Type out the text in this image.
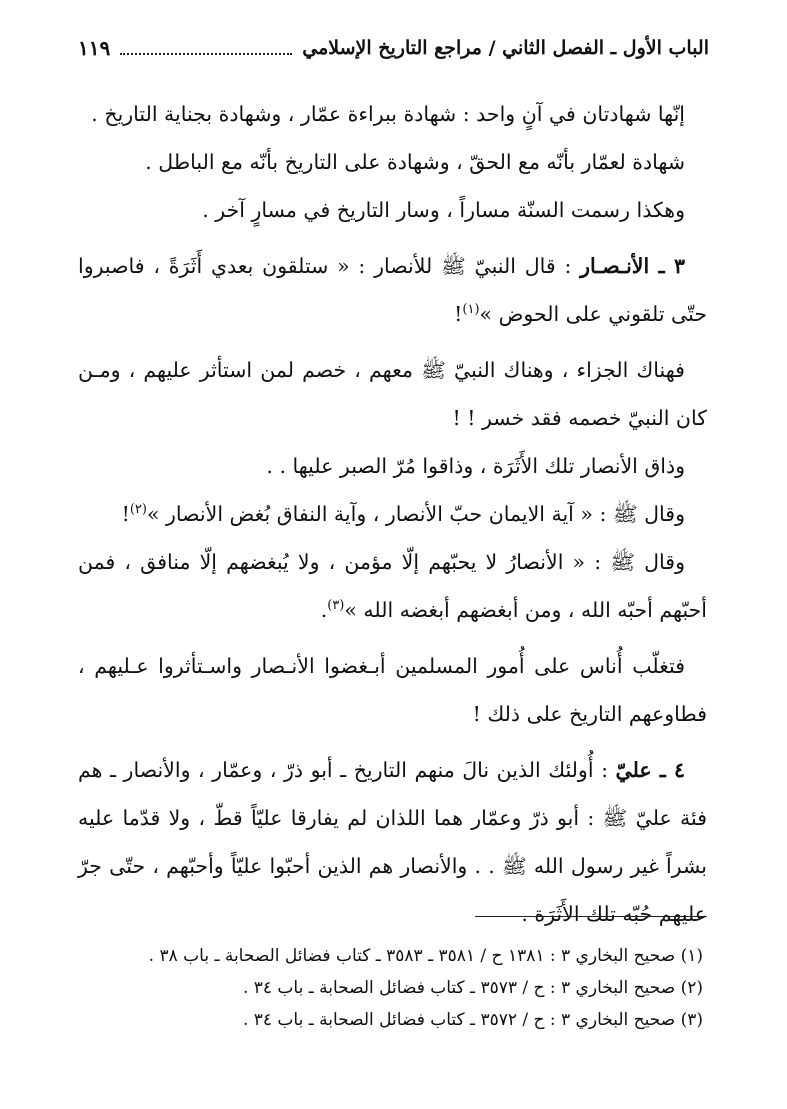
الباب الأول ـ الفصل الثاني / مراجع التاريخ الإسلامي
١١٩

إنّها شهادتان في آنٍ واحد : شهادة ببراءة عمّار ، وشهادة بجناية التاريخ .

شهادة لعمّار بأنّه مع الحقّ ، وشهادة على التاريخ بأنّه مع الباطل .

وهكذا رسمت السنّة مساراً ، وسار التاريخ في مسارٍ آخر .

٣ ـ الأنـصـار : قال النبيّ ﷺ للأنصار : « ستلقون بعدي أَثَرَةً ، فاصبروا حتّى تلقوني على الحوض »$^{(١)}$!

فهناك الجزاء ، وهناك النبيّ ﷺ معهم ، خصم لمن استأثر عليهم ، ومـن كان النبيّ خصمه فقد خسر ! !

وذاق الأنصار تلك الأَثَرَة ، وذاقوا مُرّ الصبر عليها . .

وقال ﷺ : « آية الايمان حبّ الأنصار ، وآية النفاق بُغض الأنصار »$^{(٢)}$!

وقال ﷺ : « الأنصارُ لا يحبّهم إلّا مؤمن ، ولا يُبغضهم إلّا منافق ، فمن أحبّهم أحبّه الله ، ومن أبغضهم أبغضه الله »$^{(٣)}$.

فتغلّب أُناس على أُمور المسلمين أبـغضوا الأنـصار واسـتأثروا عـليهم ، فطاوعهم التاريخ على ذلك !

٤ ـ عليّ : أُولئك الذين نالَ منهم التاريخ ـ أبو ذرّ ، وعمّار ، والأنصار ـ هم فئة عليّ ﷺ : أبو ذرّ وعمّار هما اللذان لم يفارقا عليّاً قطّ ، ولا قدّما عليه بشراً غير رسول الله ﷺ . . والأنصار هم الذين أحبّوا عليّاً وأحبّهم ، حتّى جرّ عليهم حُبّه تلك الأَثَرَة .

(١) صحيح البخاري ٣ : ١٣٨١ ح / ٣٥٨١ ـ ٣٥٨٣ ـ كتاب فضائل الصحابة ـ باب ٣٨ .

(٢) صحيح البخاري ٣ : ح / ٣٥٧٣ ـ كتاب فضائل الصحابة ـ باب ٣٤ .

(٣) صحيح البخاري ٣ : ح / ٣٥٧٢ ـ كتاب فضائل الصحابة ـ باب ٣٤ .
